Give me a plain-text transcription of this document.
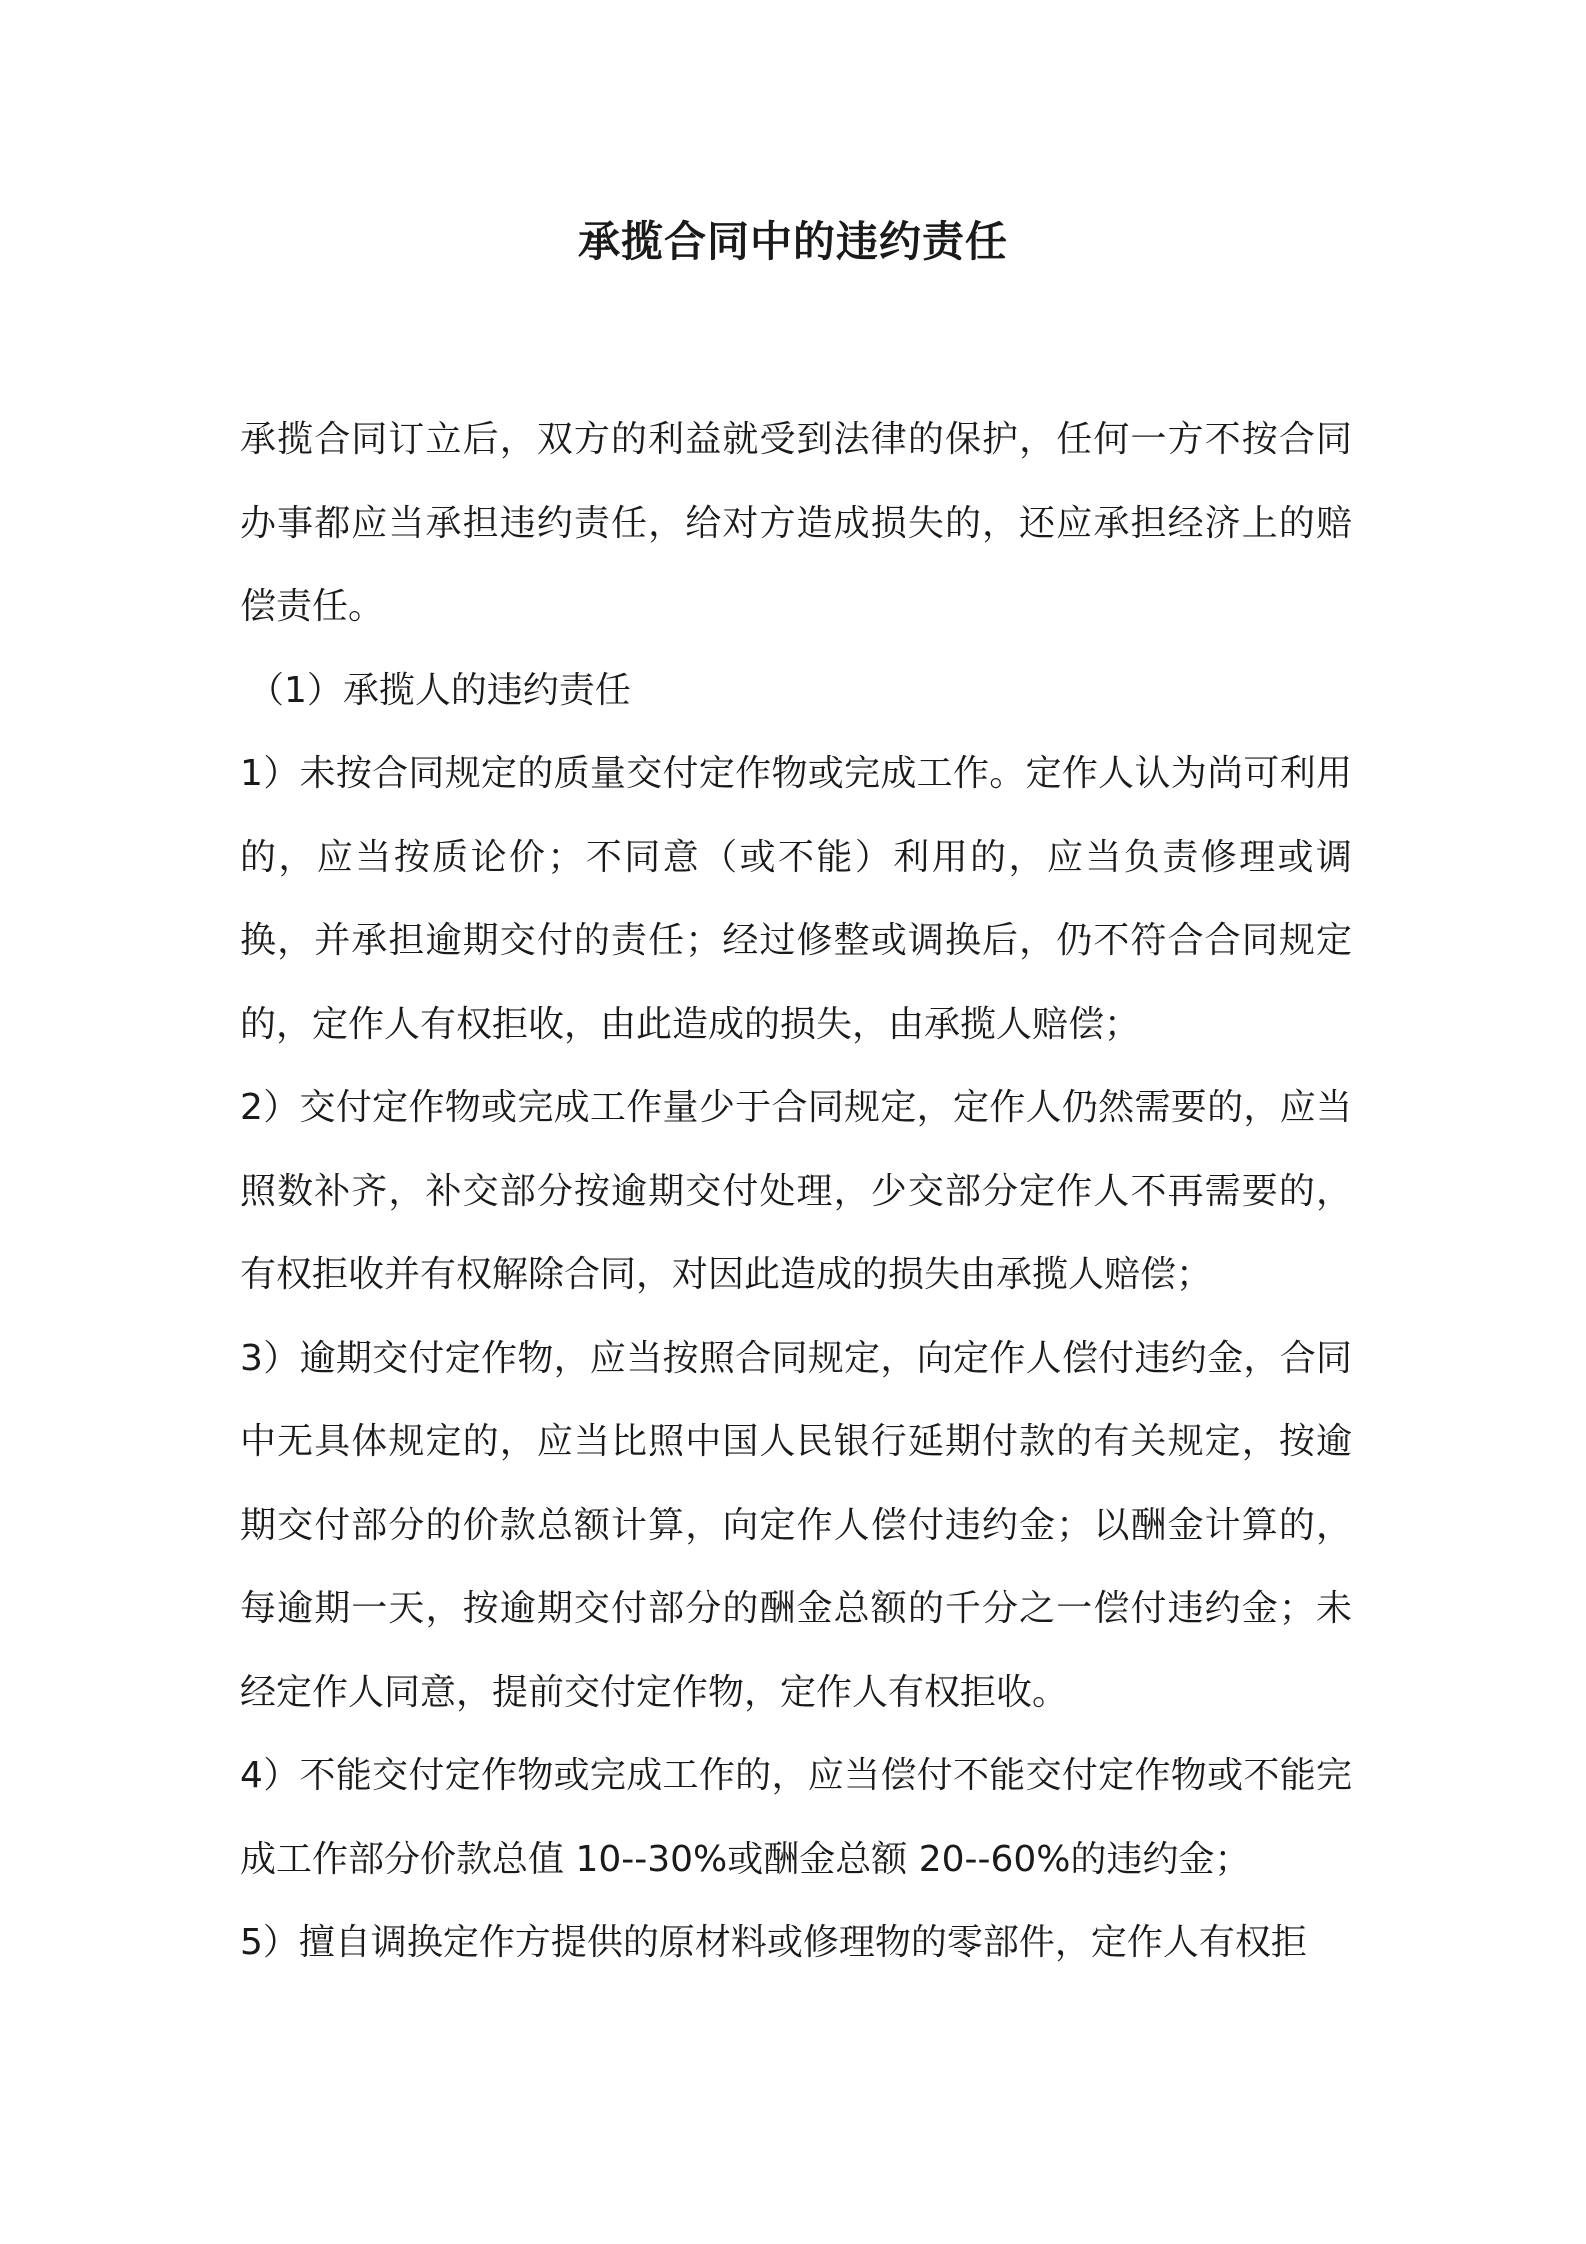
承揽合同中的违约责任

承揽合同订立后，双方的利益就受到法律的保护，任何一方不按合同办事都应当承担违约责任，给对方造成损失的，还应承担经济上的赔偿责任。

（1）承揽人的违约责任

1）未按合同规定的质量交付定作物或完成工作。定作人认为尚可利用的，应当按质论价；不同意（或不能）利用的，应当负责修理或调换，并承担逾期交付的责任；经过修整或调换后，仍不符合合同规定的，定作人有权拒收，由此造成的损失，由承揽人赔偿；

2）交付定作物或完成工作量少于合同规定，定作人仍然需要的，应当照数补齐，补交部分按逾期交付处理，少交部分定作人不再需要的，有权拒收并有权解除合同，对因此造成的损失由承揽人赔偿；

3）逾期交付定作物，应当按照合同规定，向定作人偿付违约金，合同中无具体规定的，应当比照中国人民银行延期付款的有关规定，按逾期交付部分的价款总额计算，向定作人偿付违约金；以酬金计算的，每逾期一天，按逾期交付部分的酬金总额的千分之一偿付违约金；未经定作人同意，提前交付定作物，定作人有权拒收。

4）不能交付定作物或完成工作的，应当偿付不能交付定作物或不能完成工作部分价款总值 10--30%或酬金总额 20--60%的违约金；

5）擅自调换定作方提供的原材料或修理物的零部件，定作人有权拒
